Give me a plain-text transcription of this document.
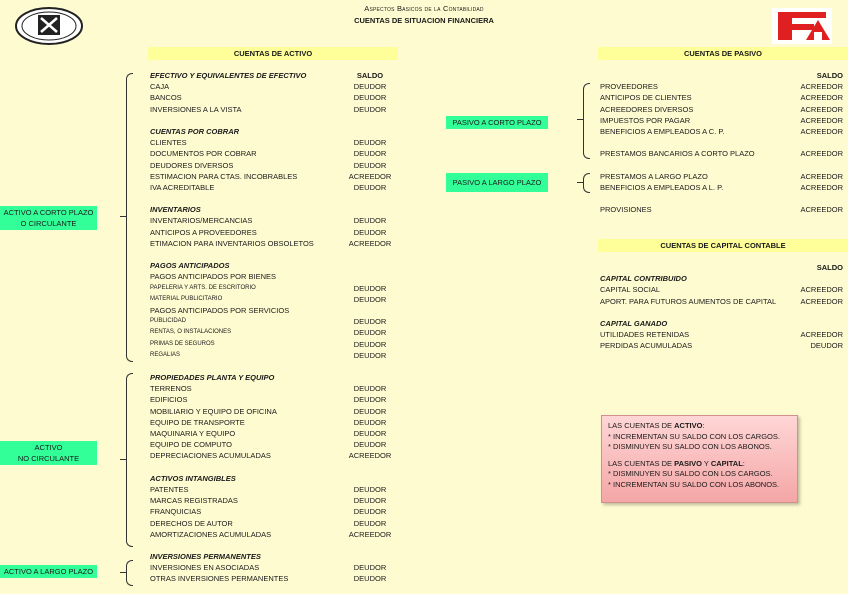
Aspectos Basicos de la Contabilidad
CUENTAS DE SITUACION FINANCIERA
CUENTAS DE ACTIVO	CUENTAS DE PASIVO
CUENTAS DE CAPITAL CONTABLE
EFECTIVO Y EQUIVALENTES DE EFECTIVO	SALDO
CAJA	DEUDOR
BANCOS	DEUDOR
INVERSIONES A LA VISTA	DEUDOR
CUENTAS POR COBRAR
CLIENTES	DEUDOR
DOCUMENTOS POR COBRAR	DEUDOR
DEUDORES DIVERSOS	DEUDOR
ESTIMACION PARA CTAS. INCOBRABLES	ACREEDOR
IVA ACREDITABLE	DEUDOR
INVENTARIOS
INVENTARIOS/MERCANCIAS	DEUDOR
ANTICIPOS A PROVEEDORES	DEUDOR
ETIMACION PARA INVENTARIOS OBSOLETOS	ACREEDOR
PAGOS ANTICIPADOS
PAGOS ANTICIPADOS POR BIENES
PAPELERIA Y ARTS. DE ESCRITORIO	DEUDOR
MATERIAL PUBLICITARIO	DEUDOR
PAGOS ANTICIPADOS POR SERVICIOS
PUBLICIDAD	DEUDOR
RENTAS, O INSTALACIONES	DEUDOR
PRIMAS DE SEGUROS	DEUDOR
REGALIAS	DEUDOR
PROPIEDADES PLANTA Y EQUIPO
TERRENOS	DEUDOR
EDIFICIOS	DEUDOR
MOBILIARIO Y EQUIPO DE OFICINA	DEUDOR
EQUIPO DE TRANSPORTE	DEUDOR
MAQUINARIA Y EQUIPO	DEUDOR
EQUIPO DE COMPUTO	DEUDOR
DEPRECIACIONES ACUMULADAS	ACREEDOR
ACTIVOS INTANGIBLES
PATENTES	DEUDOR
MARCAS REGISTRADAS	DEUDOR
FRANQUICIAS	DEUDOR
DERECHOS DE AUTOR	DEUDOR
AMORTIZACIONES ACUMULADAS	ACREEDOR
INVERSIONES PERMANENTES
INVERSIONES EN ASOCIADAS	DEUDOR
OTRAS INVERSIONES PERMANENTES	DEUDOR
ACTIVO A CORTO PLAZO
O CIRCULANTE
ACTIVO
NO CIRCULANTE
ACTIVO A LARGO PLAZO
SALDO
PROVEEDORES	ACREEDOR
ANTICIPOS DE CLIENTES	ACREEDOR
ACREEDORES DIVERSOS	ACREEDOR
IMPUESTOS POR PAGAR	ACREEDOR
BENEFICIOS A EMPLEADOS A C. P.	ACREEDOR
PRESTAMOS BANCARIOS A CORTO PLAZO	ACREEDOR
PRESTAMOS A LARGO PLAZO	ACREEDOR
BENEFICIOS A EMPLEADOS A L. P.	ACREEDOR
PROVISIONES	ACREEDOR
PASIVO A CORTO PLAZO
PASIVO A LARGO PLAZO
SALDO
CAPITAL CONTRIBUIDO
CAPITAL SOCIAL	ACREEDOR
APORT. PARA FUTUROS AUMENTOS DE CAPITAL	ACREEDOR
CAPITAL GANADO
UTILIDADES RETENIDAS	ACREEDOR
PERDIDAS ACUMULADAS	DEUDOR
LAS CUENTAS DE ACTIVO:
* INCREMENTAN SU SALDO CON LOS CARGOS.
* DISMINUYEN SU SALDO CON LOS ABONOS.
LAS CUENTAS DE PASIVO Y CAPITAL:
* DISMINUYEN SU SALDO CON LOS CARGOS.
* INCREMENTAN SU SALDO CON LOS ABONOS.
